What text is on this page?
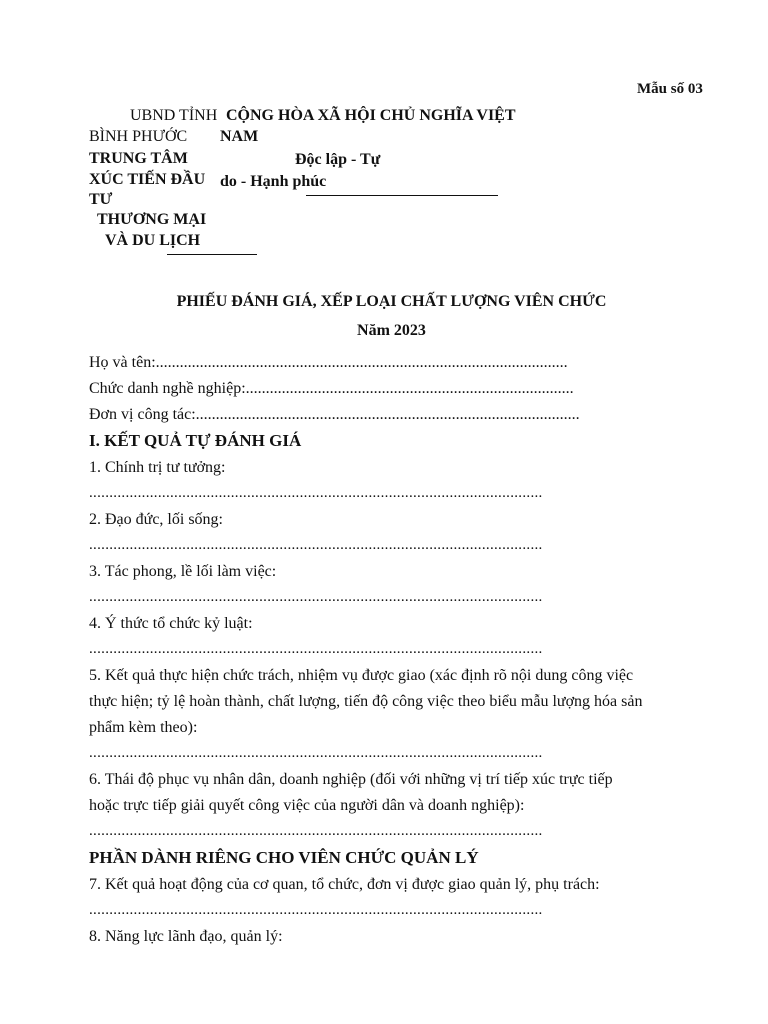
Mẫu số 03
UBND TỈNH
BÌNH PHƯỚC
TRUNG TÂM
XÚC TIẾN ĐẦU
TƯ
THƯƠNG MẠI
VÀ DU LỊCH
CỘNG HÒA XÃ HỘI CHỦ NGHĨA VIỆT
NAM
Độc lập - Tự
do - Hạnh phúc
PHIẾU ĐÁNH GIÁ, XẾP LOẠI CHẤT LƯỢNG VIÊN CHỨC
Năm 2023
Họ và tên:.......................................................................................................
Chức danh nghề nghiệp:..................................................................................
Đơn vị công tác:................................................................................................
I. KẾT QUẢ TỰ ĐÁNH GIÁ
1. Chính trị tư tưởng:
................................................................................................................
2. Đạo đức, lối sống:
................................................................................................................
3. Tác phong, lề lối làm việc:
................................................................................................................
4. Ý thức tổ chức kỷ luật:
................................................................................................................
5. Kết quả thực hiện chức trách, nhiệm vụ được giao (xác định rõ nội dung công việc
thực hiện; tỷ lệ hoàn thành, chất lượng, tiến độ công việc theo biểu mẫu lượng hóa sản
phẩm kèm theo):
................................................................................................................
6. Thái độ phục vụ nhân dân, doanh nghiệp (đối với những vị trí tiếp xúc trực tiếp
hoặc trực tiếp giải quyết công việc của người dân và doanh nghiệp):
................................................................................................................
PHẦN DÀNH RIÊNG CHO VIÊN CHỨC QUẢN LÝ
7. Kết quả hoạt động của cơ quan, tổ chức, đơn vị được giao quản lý, phụ trách:
................................................................................................................
8. Năng lực lãnh đạo, quản lý:
